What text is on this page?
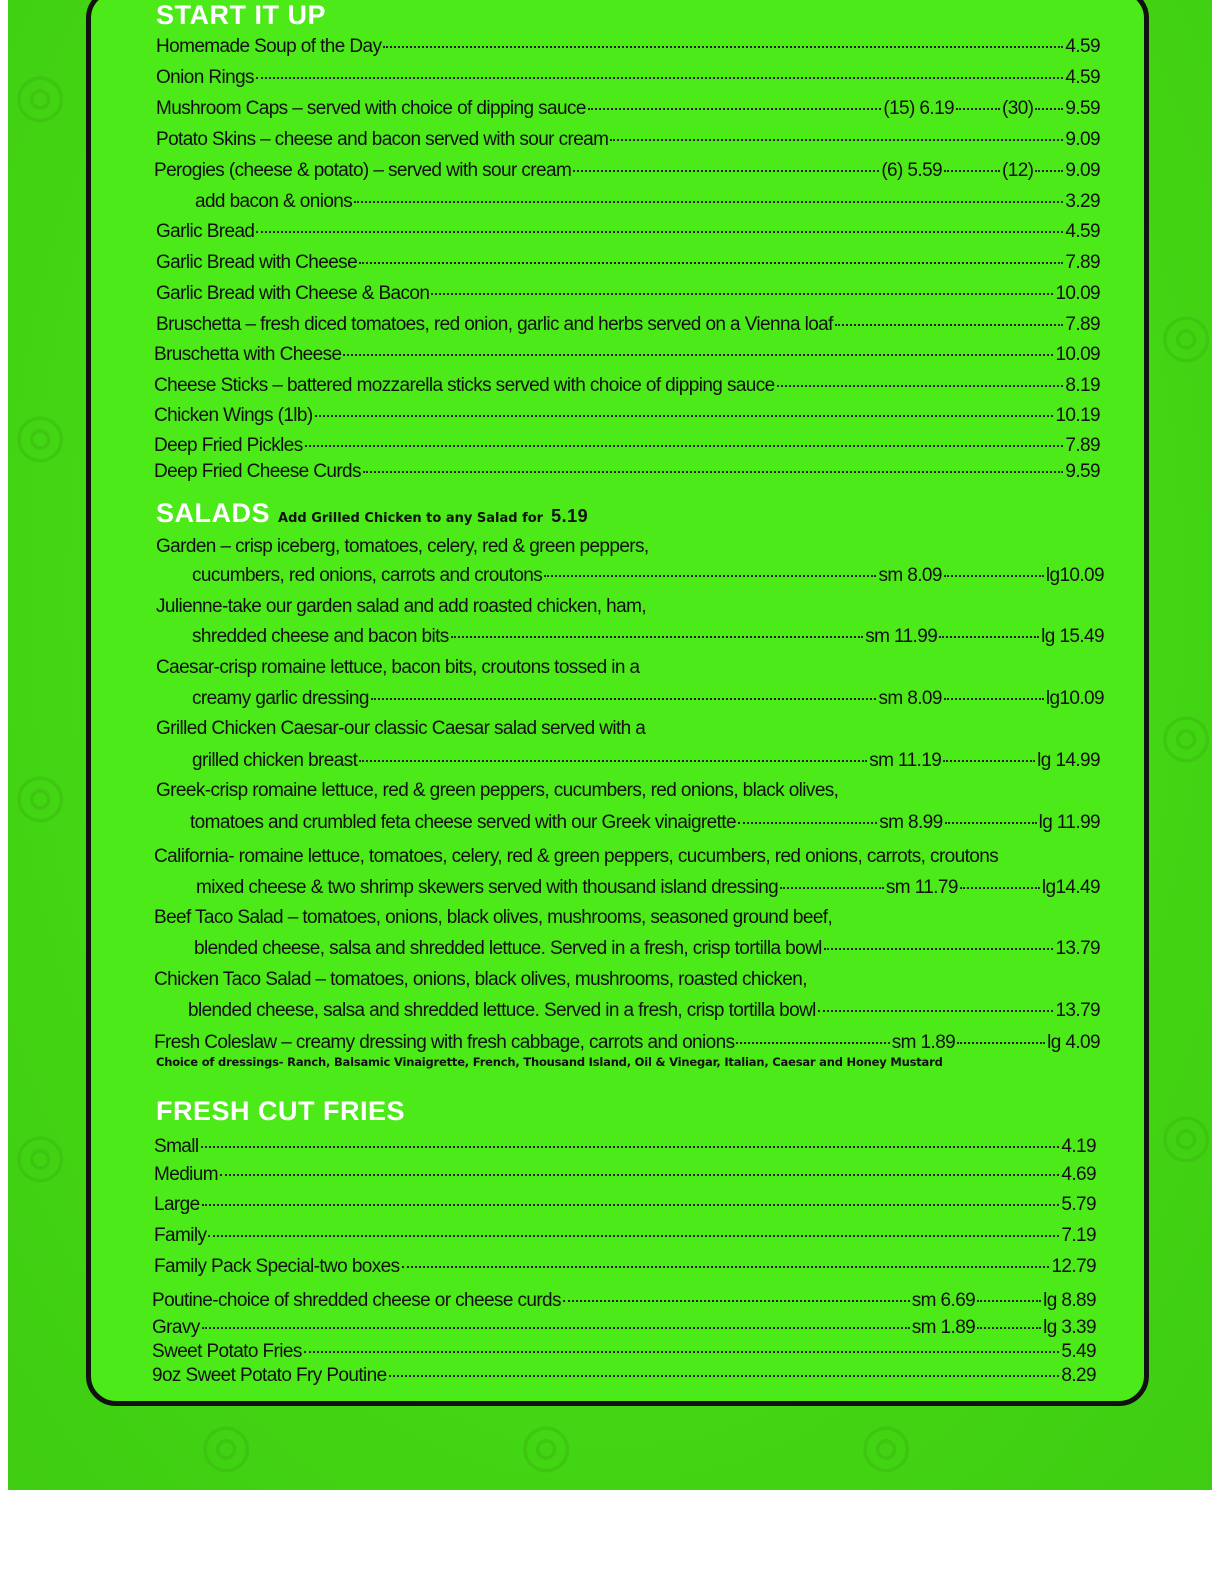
◎
◎
◎
◎
◎
◎
◎
◎	◎	◎
START IT UP
Homemade Soup of the Day	4.59
Onion Rings	4.59
Mushroom Caps – served with choice of dipping sauce	(15) 6.19	(30) 9.59
Potato Skins – cheese and bacon served with sour cream	9.09
Perogies (cheese & potato) – served with sour cream	(6) 5.59	(12) 9.09
add bacon & onions	3.29
Garlic Bread	4.59
Garlic Bread with Cheese	7.89
Garlic Bread with Cheese & Bacon	10.09
Bruschetta – fresh diced tomatoes, red onion, garlic and herbs served on a Vienna loaf	7.89
Bruschetta with Cheese	10.09
Cheese Sticks – battered mozzarella sticks served with choice of dipping sauce	8.19
Chicken Wings (1lb)	10.19
Deep Fried Pickles	7.89
Deep Fried Cheese Curds	9.59
SALADS Add Grilled Chicken to any Salad for 5.19
Garden – crisp iceberg, tomatoes, celery, red & green peppers,
cucumbers, red onions, carrots and croutons	sm 8.09	lg10.09
Julienne-take our garden salad and add roasted chicken, ham,
shredded cheese and bacon bits	sm 11.99	lg 15.49
Caesar-crisp romaine lettuce, bacon bits, croutons tossed in a
creamy garlic dressing	sm 8.09	lg10.09
Grilled Chicken Caesar-our classic Caesar salad served with a
grilled chicken breast	sm 11.19	lg 14.99
Greek-crisp romaine lettuce, red & green peppers, cucumbers, red onions, black olives,
tomatoes and crumbled feta cheese served with our Greek vinaigrette	sm 8.99	lg 11.99
California- romaine lettuce, tomatoes, celery, red & green peppers, cucumbers, red onions, carrots, croutons
mixed cheese & two shrimp skewers served with thousand island dressing	sm 11.79	lg14.49
Beef Taco Salad – tomatoes, onions, black olives, mushrooms, seasoned ground beef,
blended cheese, salsa and shredded lettuce. Served in a fresh, crisp tortilla bowl	13.79
Chicken Taco Salad – tomatoes, onions, black olives, mushrooms, roasted chicken,
blended cheese, salsa and shredded lettuce. Served in a fresh, crisp tortilla bowl	13.79
Fresh Coleslaw – creamy dressing with fresh cabbage, carrots and onions	sm 1.89	lg 4.09
Choice of dressings- Ranch, Balsamic Vinaigrette, French, Thousand Island, Oil & Vinegar, Italian, Caesar and Honey Mustard
FRESH CUT FRIES
Small	4.19
Medium	4.69
Large	5.79
Family	7.19
Family Pack Special-two boxes	12.79
Poutine-choice of shredded cheese or cheese curds	sm 6.69	lg 8.89
Gravy	sm 1.89	lg 3.39
Sweet Potato Fries	5.49
9oz Sweet Potato Fry Poutine	8.29
